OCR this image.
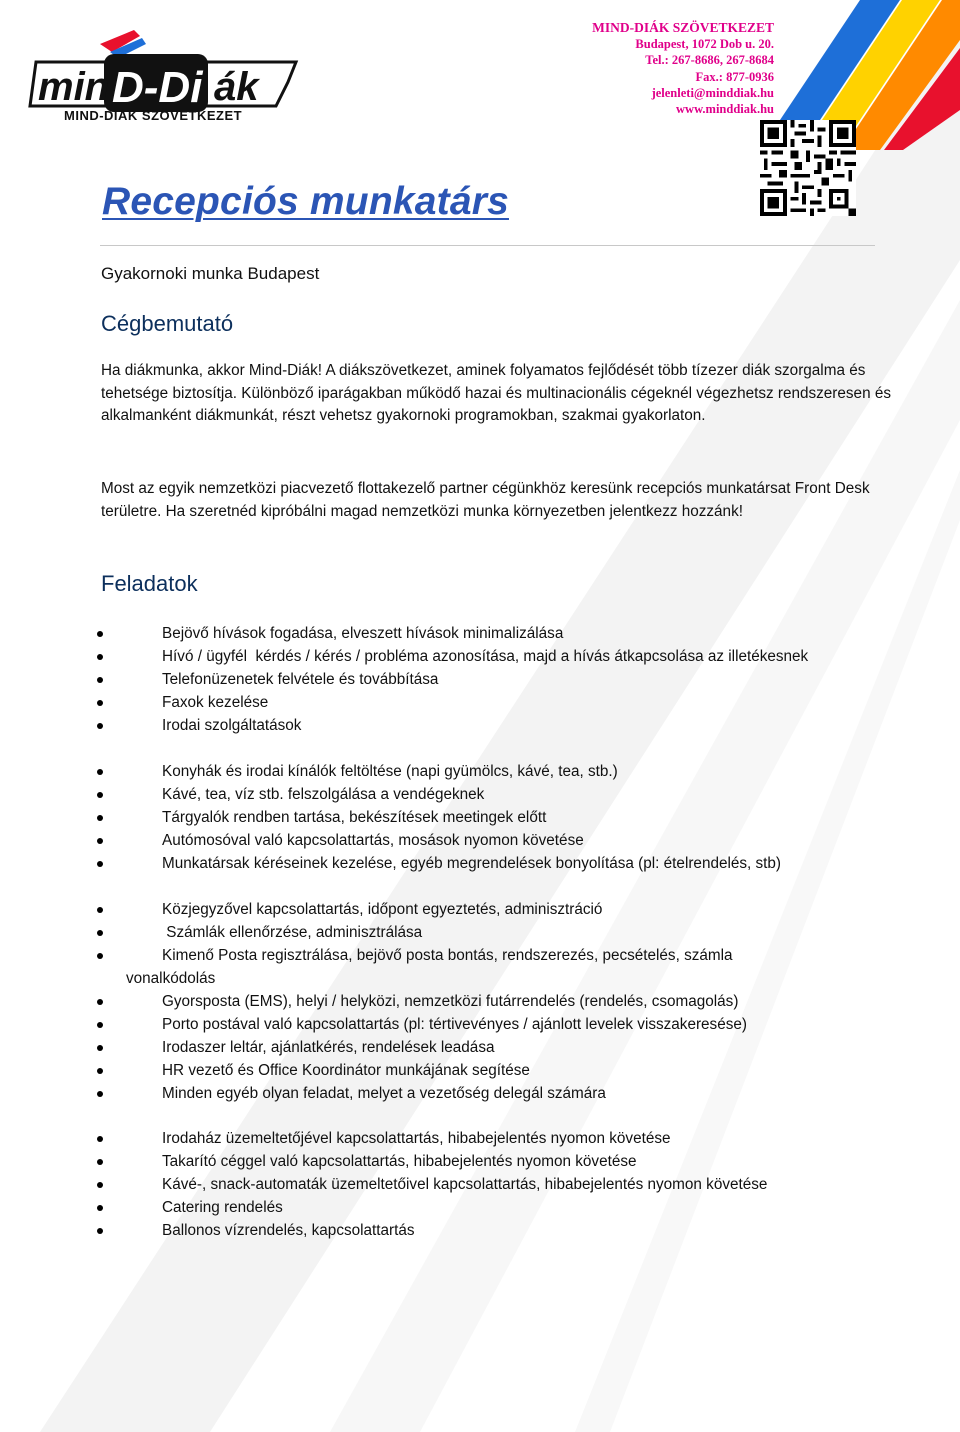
min D-Di ák
MIND-DIÁK SZÖVETKEZET
MIND-DIÁK SZÖVETKEZET
Budapest, 1072 Dob u. 20.
Tel.: 267-8686, 267-8684
Fax.: 877-0936
jelenleti@minddiak.hu
www.minddiak.hu
Recepciós munkatárs
Gyakornoki munka Budapest
Cégbemutató

Ha diákmunka, akkor Mind-Diák! A diákszövetkezet, aminek folyamatos fejlődését több tízezer diák szorgalma és tehetsége biztosítja. Különböző iparágakban működő hazai és multinacionális cégeknél végezhetsz rendszeresen és alkalmanként diákmunkát, részt vehetsz gyakornoki programokban, szakmai gyakorlaton.

Most az egyik nemzetközi piacvezető flottakezelő partner cégünkhöz keresünk recepciós munkatársat Front Desk területre. Ha szeretnéd kipróbálni magad nemzetközi munka környezetben jelentkezz hozzánk!

Feladatok
Bejövő hívások fogadása, elveszett hívások minimalizálása
Hívó / ügyfél  kérdés / kérés / probléma azonosítása, majd a hívás átkapcsolása az illetékesnek
Telefonüzenetek felvétele és továbbítása
Faxok kezelése
Irodai szolgáltatások
Konyhák és irodai kínálók feltöltése (napi gyümölcs, kávé, tea, stb.)
Kávé, tea, víz stb. felszolgálása a vendégeknek
Tárgyalók rendben tartása, bekészítések meetingek előtt
Autómosóval való kapcsolattartás, mosások nyomon követése
Munkatársak kéréseinek kezelése, egyéb megrendelések bonyolítása (pl: ételrendelés, stb)
Közjegyzővel kapcsolattartás, időpont egyeztetés, adminisztráció
Számlák ellenőrzése, adminisztrálása
Kimenő Posta regisztrálása, bejövő posta bontás, rendszerezés, pecsételés, számla
vonalkódolás
Gyorsposta (EMS), helyi / helyközi, nemzetközi futárrendelés (rendelés, csomagolás)
Porto postával való kapcsolattartás (pl: tértivevényes / ajánlott levelek visszakeresése)
Irodaszer leltár, ajánlatkérés, rendelések leadása
HR vezető és Office Koordinátor munkájának segítése
Minden egyéb olyan feladat, melyet a vezetőség delegál számára
Irodaház üzemeltetőjével kapcsolattartás, hibabejelentés nyomon követése
Takarító céggel való kapcsolattartás, hibabejelentés nyomon követése
Kávé-, snack-automaták üzemeltetőivel kapcsolattartás, hibabejelentés nyomon követése
Catering rendelés
Ballonos vízrendelés, kapcsolattartás
